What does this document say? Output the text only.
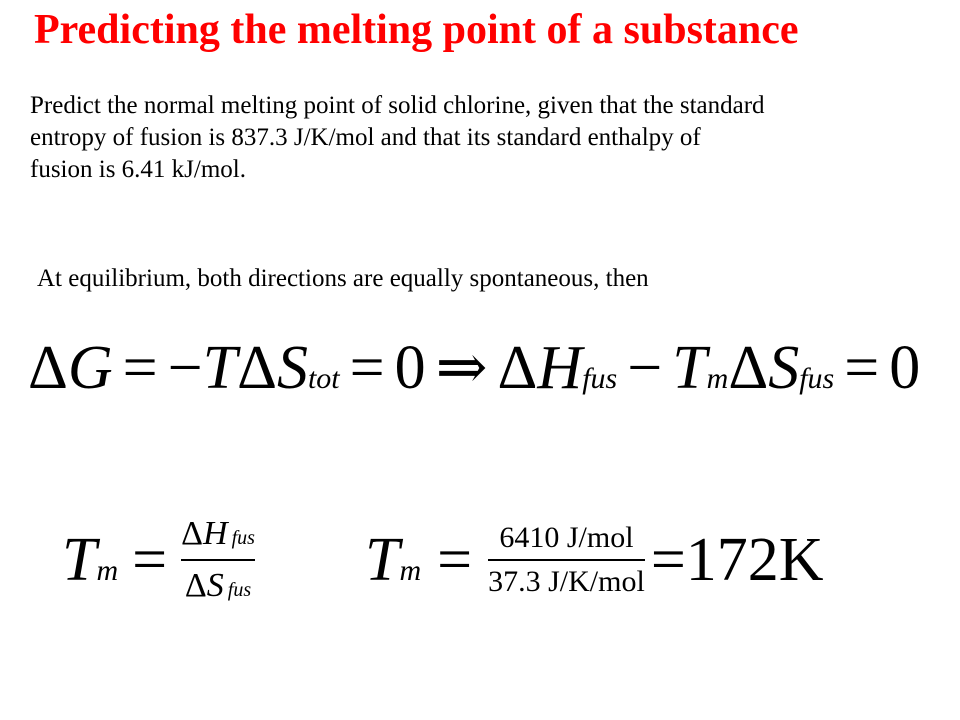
Predicting the melting point of a substance
Predict the normal melting point of solid chlorine, given that the standard
entropy of fusion is 837.3 J/K/mol and that its standard enthalpy of
fusion is 6.41 kJ/mol.
At equilibrium, both directions are equally spontaneous, then
Δ G = − T Δ S tot = 0 ⇒ Δ H fus − T m Δ S fus = 0
T $m = \frac{\text{Δ H fus}}{\text{Δ S fus}}$ T $m = \frac{\text{6410 J/mol}}{\text{37.3 J/K/mol}} =172K$
